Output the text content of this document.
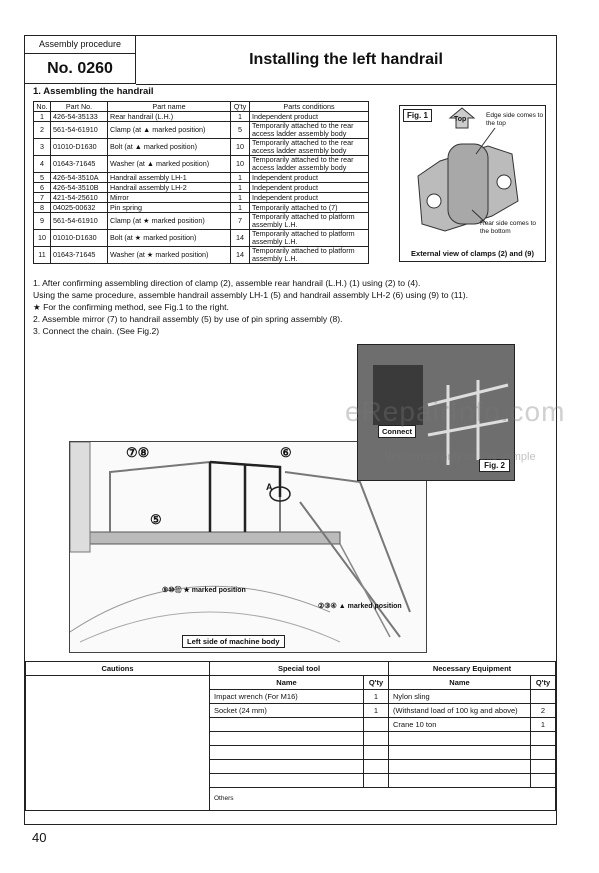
Assembly procedure
No. 0260
Installing the left handrail
1. Assembling the handrail
No.	Part No.	Part name	Q'ty	Parts conditions
1	426-54-35133	Rear handrail (L.H.)	1	Independent product
2	561-54-61910	Clamp (at ▲ marked position)	5	Temporarily attached to the rear access ladder assembly body
3	01010-D1630	Bolt (at ▲ marked position)	10	Temporarily attached to the rear access ladder assembly body
4	01643-71645	Washer (at ▲ marked position)	10	Temporarily attached to the rear access ladder assembly body
5	426-54-3510A	Handrail assembly LH-1	1	Independent product
6	426-54-3510B	Handrail assembly LH-2	1	Independent product
7	421-54-25610	Mirror	1	Independent product
8	04025-00632	Pin spring	1	Temporarily attached to (7)
9	561-54-61910	Clamp (at ★ marked position)	7	Temporarily attached to platform assembly L.H.
10	01010-D1630	Bolt (at ★ marked position)	14	Temporarily attached to platform assembly L.H.
11	01643-71645	Washer (at ★ marked position)	14	Temporarily attached to platform assembly L.H.
Fig. 1	Top
Edge side comes to the top
Rear side comes to the bottom
External view of clamps (2) and (9)
1. After confirming assembling direction of clamp (2), assemble rear handrail (L.H.) (1) using (2) to (4).
Using the same procedure, assemble handrail assembly LH-1 (5) and handrail assembly LH-2 (6) using (9) to (11).
★ For the confirming method, see Fig.1 to the right.
2. Assemble mirror (7) to handrail assembly (5) by use of pin spring assembly (8).
3. Connect the chain. (See Fig.2)
⑦⑧	⑥
⑤
A
⑨⑩⑪ ★ marked position
②③④ ▲ marked position
Left side of machine body
Connect
Fig. 2
eRepairInfo.com
Watermark only on this sample
Cautions	Special tool		Necessary Equipment	
	Name	Q'ty	Name	Q'ty
	Impact wrench (For M16)	1	Nylon sling	
	Socket (24 mm)	1	(Withstand load of 100 kg and above)	2
			Crane 10 ton	1

	Others			
40
